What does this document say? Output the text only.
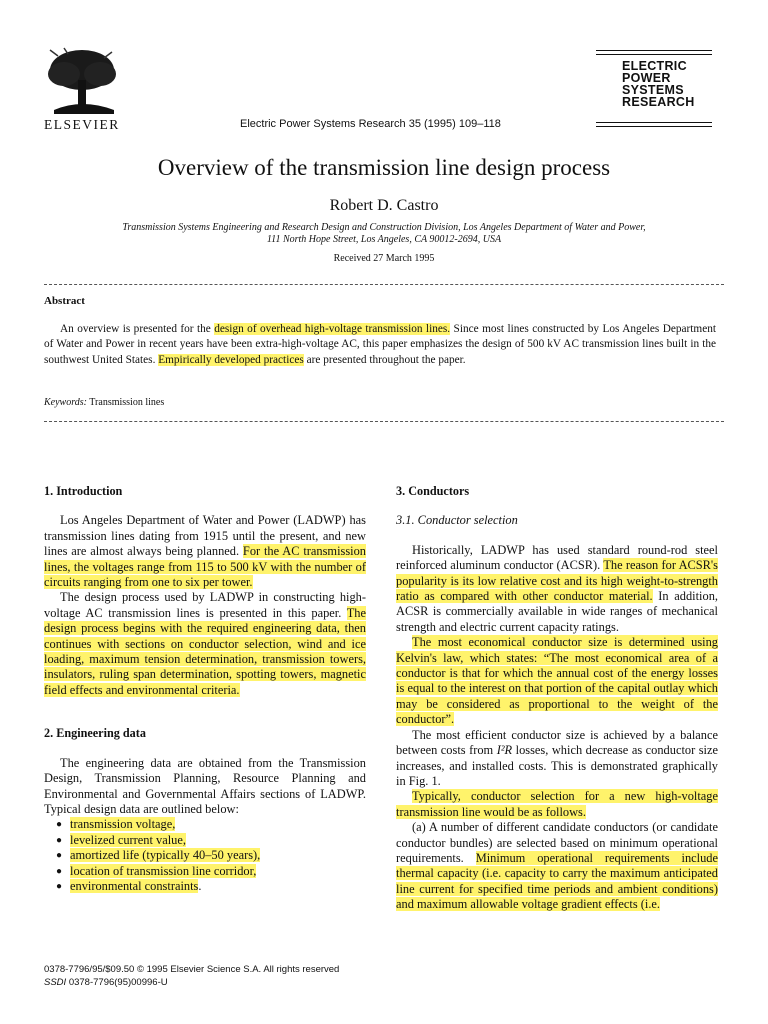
ELSEVIER	Electric Power Systems Research 35 (1995) 109–118
ELECTRIC
POWER
SYSTEMS
RESEARCH
Overview of the transmission line design process
Robert D. Castro
Transmission Systems Engineering and Research Design and Construction Division, Los Angeles Department of Water and Power,
111 North Hope Street, Los Angeles, CA 90012-2694, USA
Received 27 March 1995
Abstract
An overview is presented for the design of overhead high-voltage transmission lines. Since most lines constructed by Los Angeles Department of Water and Power in recent years have been extra-high-voltage AC, this paper emphasizes the design of 500 kV AC transmission lines built in the southwest United States. Empirically developed practices are presented throughout the paper.
Keywords: Transmission lines
1. Introduction

Los Angeles Department of Water and Power (LADWP) has transmission lines dating from 1915 until the present, and new lines are almost always being planned. For the AC transmission lines, the voltages range from 115 to 500 kV with the number of circuits ranging from one to six per tower.

The design process used by LADWP in constructing high-voltage AC transmission lines is presented in this paper. The design process begins with the required engineering data, then continues with sections on conductor selection, wind and ice loading, maximum tension determination, transmission towers, insulators, ruling span determination, spotting towers, magnetic field effects and environmental criteria.

2. Engineering data

The engineering data are obtained from the Transmission Design, Transmission Planning, Resource Planning and Environmental and Governmental Affairs sections of LADWP. Typical design data are outlined below:

● transmission voltage,
● levelized current value,
● amortized life (typically 40–50 years),
● location of transmission line corridor,
● environmental constraints.
3. Conductors
3.1. Conductor selection

Historically, LADWP has used standard round-rod steel reinforced aluminum conductor (ACSR). The reason for ACSR's popularity is its low relative cost and its high weight-to-strength ratio as compared with other conductor material. In addition, ACSR is commercially available in wide ranges of mechanical strength and electric current capacity ratings.

The most economical conductor size is determined using Kelvin's law, which states: “The most economical area of a conductor is that for which the annual cost of the energy losses is equal to the interest on that portion of the capital outlay which may be considered as proportional to the weight of the conductor”.

The most efficient conductor size is achieved by a balance between costs from I²R losses, which decrease as conductor size increases, and installed costs. This is demonstrated graphically in Fig. 1.

Typically, conductor selection for a new high-voltage transmission line would be as follows.

(a) A number of different candidate conductors (or candidate conductor bundles) are selected based on minimum operational requirements. Minimum operational requirements include thermal capacity (i.e. capacity to carry the maximum anticipated line current for specified time periods and ambient conditions) and maximum allowable voltage gradient effects (i.e.

0378-7796/95/$09.50 © 1995 Elsevier Science S.A. All rights reserved
SSDI 0378-7796(95)00996-U
